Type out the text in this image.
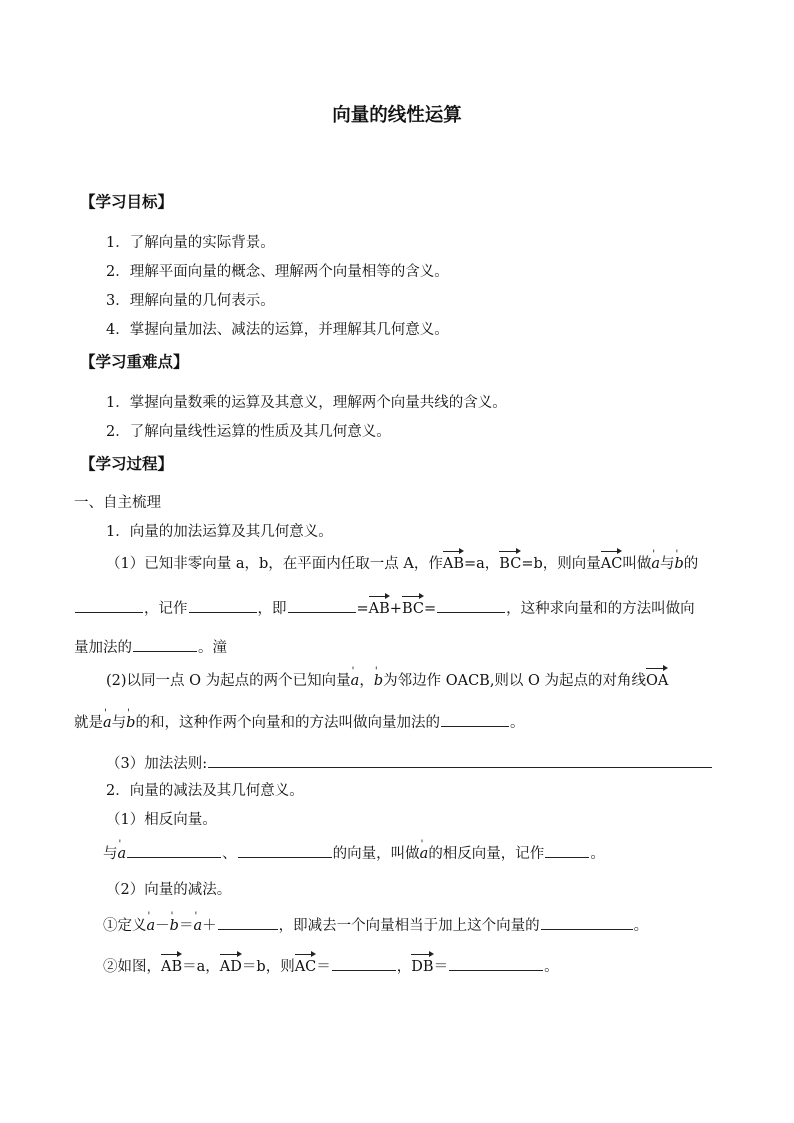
向量的线性运算
【学习目标】
1．了解向量的实际背景。
2．理解平面向量的概念、理解两个向量相等的含义。
3．理解向量的几何表示。
4．掌握向量加法、减法的运算，并理解其几何意义。
【学习重难点】
1．掌握向量数乘的运算及其意义，理解两个向量共线的含义。
2．了解向量线性运算的性质及其几何意义。
【学习过程】
一、自主梳理
1．向量的加法运算及其几何意义。
（1）已知非零向量 a，b，在平面内任取一点 A，作AB=a，BC=b，则向量AC叫做' a与' b的
，记作	，即	=AB+BC=	，这种求向量和的方法叫做向
量加法的	。潼
(2)以同一点 O 为起点的两个已知向量' a，' b为邻边作 OACB,则以 O 为起点的对角线OA
就是' a与' b的和，这种作两个向量和的方法叫做向量加法的	。
（3）加法法则:
2．向量的减法及其几何意义。
（1）相反向量。
与' a	、	的向量，叫做' a的相反向量，记作	。
（2）向量的减法。
①定义' a－' b＝' a＋	，即减去一个向量相当于加上这个向量的	。
②如图，AB＝a，AD＝b，则AC＝	，DB＝	。
